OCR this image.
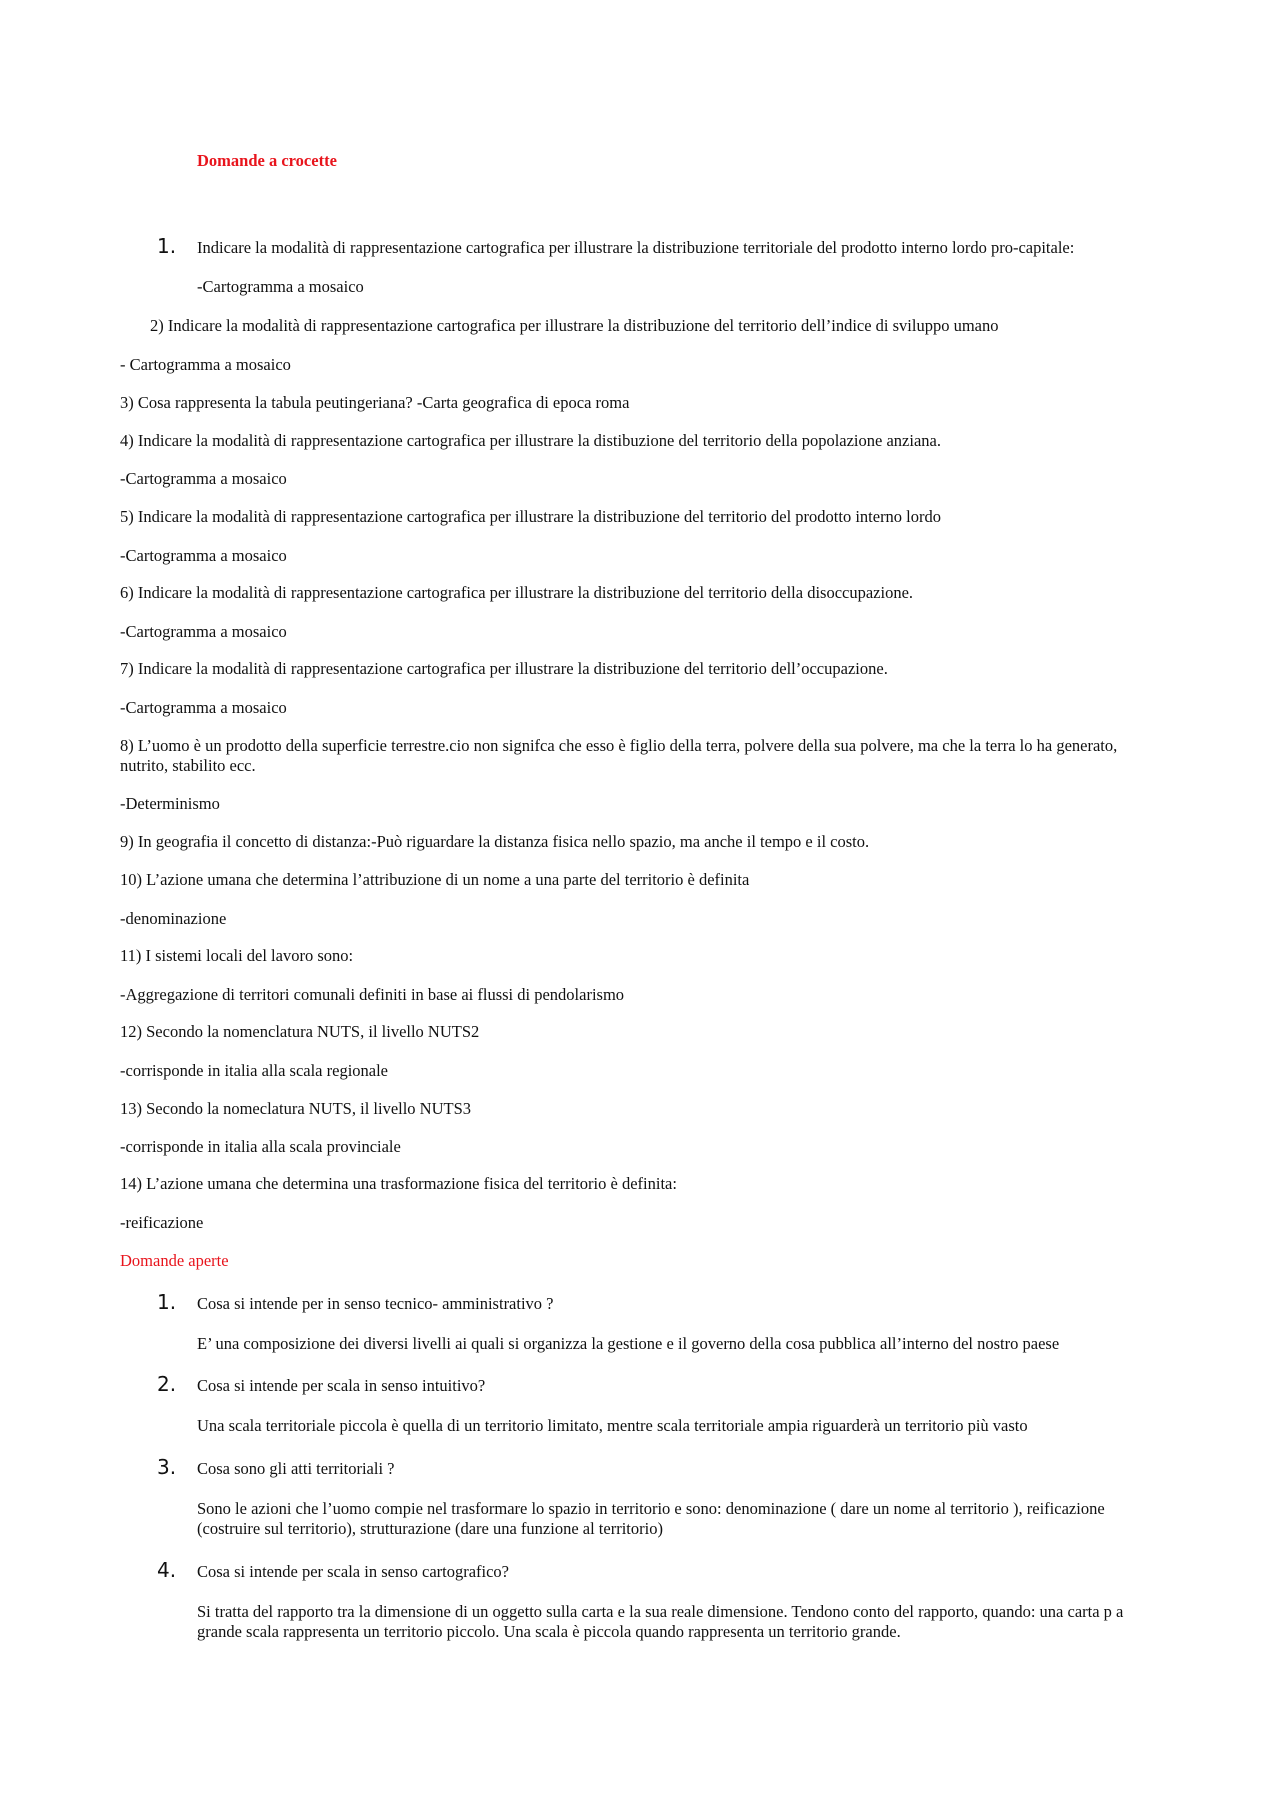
Domande a crocette
1. Indicare la modalità di rappresentazione cartografica per illustrare la distribuzione territoriale del prodotto interno lordo pro-capitale:
-Cartogramma a mosaico
2) Indicare la modalità di rappresentazione cartografica per illustrare la distribuzione del territorio dell’indice di sviluppo umano
- Cartogramma a mosaico
3) Cosa rappresenta la tabula peutingeriana? -Carta geografica di epoca roma
4) Indicare la modalità di rappresentazione cartografica per illustrare la distibuzione del territorio della popolazione anziana.
-Cartogramma a mosaico
5) Indicare la modalità di rappresentazione cartografica per illustrare la distribuzione del territorio del prodotto interno lordo
-Cartogramma a mosaico
6) Indicare la modalità di rappresentazione cartografica per illustrare la distribuzione del territorio della disoccupazione.
-Cartogramma a mosaico
7) Indicare la modalità di rappresentazione cartografica per illustrare la distribuzione del territorio dell’occupazione.
-Cartogramma a mosaico
8) L’uomo è un prodotto della superficie terrestre.cio non signifca che esso è figlio della terra, polvere della sua polvere, ma che la terra lo ha generato, nutrito, stabilito ecc.
-Determinismo
9) In geografia il concetto di distanza:-Può riguardare la distanza fisica nello spazio, ma anche il tempo e il costo.
10) L’azione umana che determina l’attribuzione di un nome a una parte del territorio è definita
-denominazione
11) I sistemi locali del lavoro sono:
-Aggregazione di territori comunali definiti in base ai flussi di pendolarismo
12) Secondo la nomenclatura NUTS, il livello NUTS2
-corrisponde in italia alla scala regionale
13) Secondo la nomeclatura NUTS, il livello NUTS3
-corrisponde in italia alla scala provinciale
14) L’azione umana che determina una trasformazione fisica del territorio è definita:
-reificazione
Domande aperte
1. Cosa si intende per in senso tecnico- amministrativo ?
E’ una composizione dei diversi livelli ai quali si organizza la gestione e il governo della cosa pubblica all’interno del nostro paese
2. Cosa si intende per scala in senso intuitivo?
Una scala territoriale piccola è quella di un territorio limitato, mentre scala territoriale ampia riguarderà un territorio più vasto
3. Cosa sono gli atti territoriali ?
Sono le azioni che l’uomo compie nel trasformare lo spazio in territorio e sono: denominazione ( dare un nome al territorio ), reificazione (costruire sul territorio), strutturazione (dare una funzione al territorio)
4. Cosa si intende per scala in senso cartografico?
Si tratta del rapporto tra la dimensione di un oggetto sulla carta e la sua reale dimensione. Tendono conto del rapporto, quando: una carta p a grande scala rappresenta un territorio piccolo. Una scala è piccola quando rappresenta un territorio grande.
